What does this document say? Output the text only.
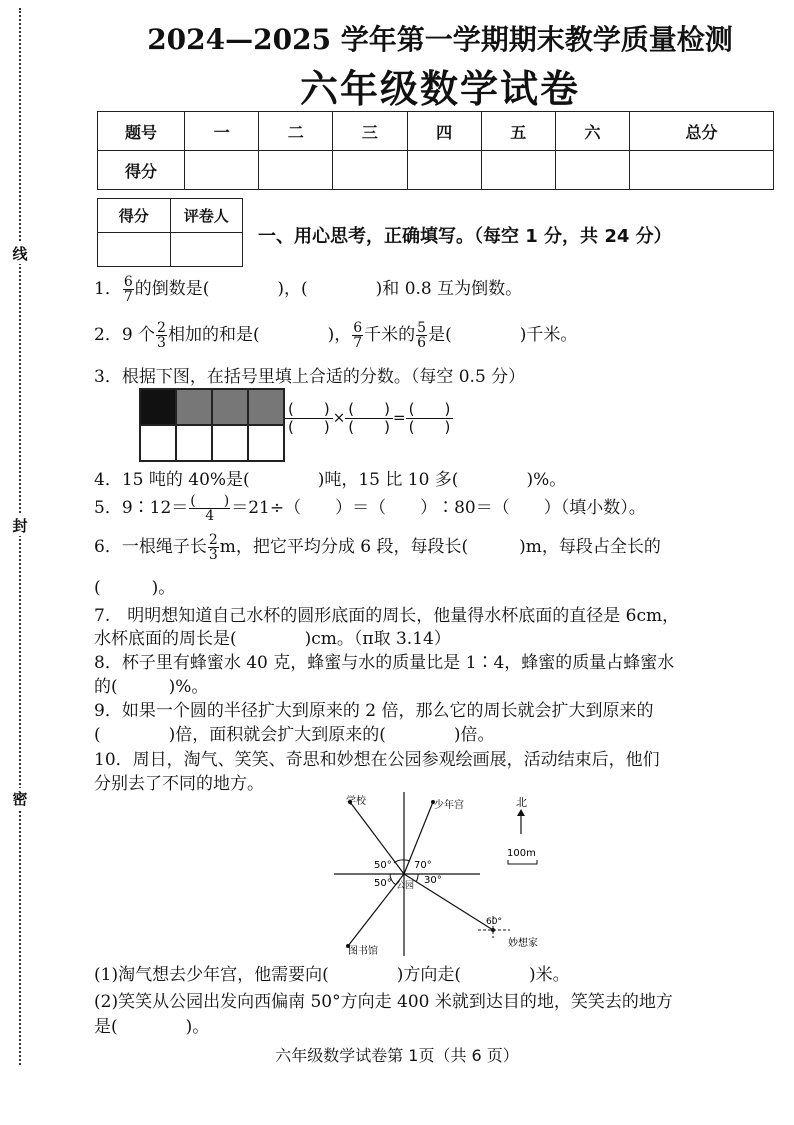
线
封
密
2024—2025 学年第一学期期末教学质量检测
六年级数学试卷
题号	一	二	三	四	五	六	总分
得分							
得分	评卷人

一、用心思考，正确填写。（每空 1 分，共 24 分）
1． $\frac{6}{7}$ 的倒数是(　　　　	)，(　　　　	)和 0.8 互为倒数。
2．9 个 $\frac{2}{3}$ 相加的和是(　　　　	)， $\frac{6}{7}$ 千米的 $\frac{5}{6}$ 是(　　　　	)千米。
3．根据下图，在括号里填上合适的分数。（每空 0.5 分）
(　　)
(　　) × (　　)
(　　) = (　　)
(　　)
4．15 吨的 40%是(　　　　	)吨，15 比 10 多(　　　　	)%。
5．9∶12＝ $\frac{( )}{4} =21\div$（　　）＝（　　）∶80＝（　　）（填小数）。
6．一根绳子长 $\frac{2}{3}$ m，把它平均分成 6 段，每段长(　　　	)m，每段占全长的
(　　　)。
7.　明明想知道自己水杯的圆形底面的周长，他量得水杯底面的直径是 6cm，
水杯底面的周长是(　　　　)cm。（π取 3.14）
8．杯子里有蜂蜜水 40 克，蜂蜜与水的质量比是 1∶4，蜂蜜的质量占蜂蜜水
的(　　　)%。
9．如果一个圆的半径扩大到原来的 2 倍，那么它的周长就会扩大到原来的
(　　　　)倍，面积就会扩大到原来的(　　　　)倍。
10．周日，淘气、笑笑、奇思和妙想在公园参观绘画展，活动结束后，他们
分别去了不同的地方。
学校	少年宫
图书馆
公园
妙想家
70°
50°
50°	30°
60°
北
100m
(1)淘气想去少年宫，他需要向(　　　　)方向走(　　　　)米。
(2)笑笑从公园出发向西偏南 50°方向走 400 米就到达目的地，笑笑去的地方
是(　　　　)。
六年级数学试卷第 1页（共 6 页）
